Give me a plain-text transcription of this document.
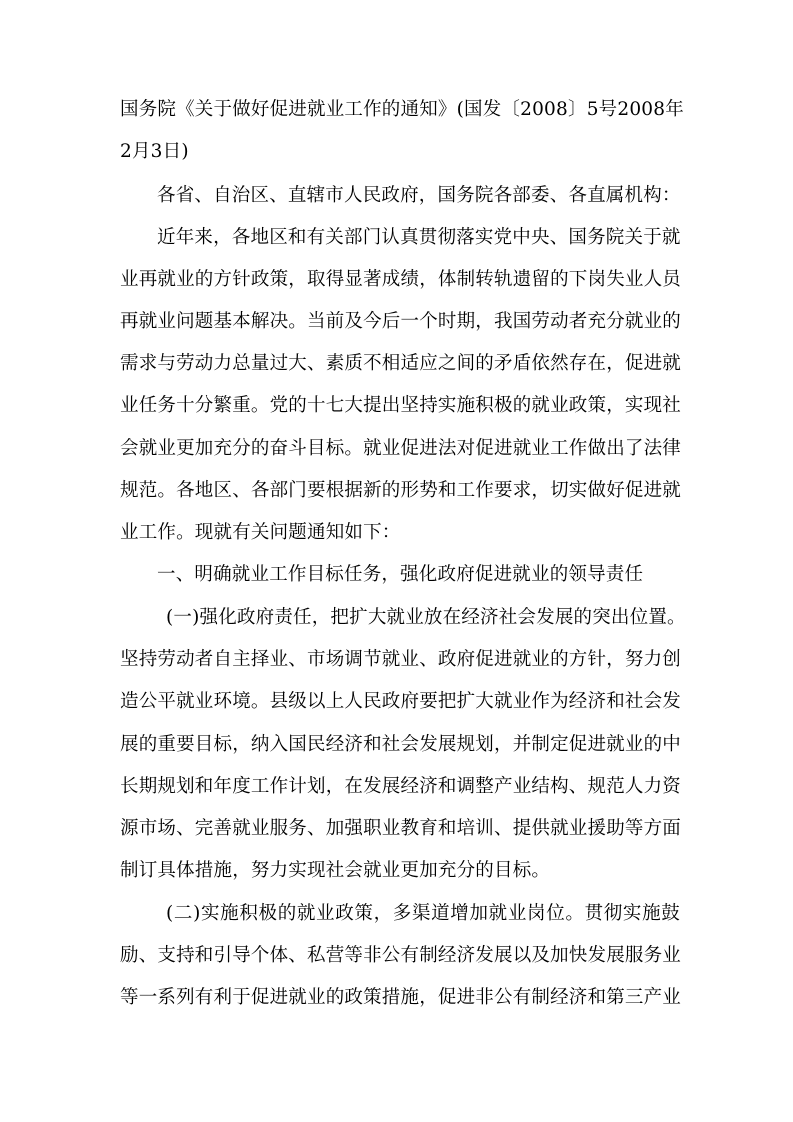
国务院《关于做好促进就业工作的通知》(国发〔2008〕5号2008年
2月3日)
各省、自治区、直辖市人民政府，国务院各部委、各直属机构：
近年来，各地区和有关部门认真贯彻落实党中央、国务院关于就
业再就业的方针政策，取得显著成绩，体制转轨遗留的下岗失业人员
再就业问题基本解决。当前及今后一个时期，我国劳动者充分就业的
需求与劳动力总量过大、素质不相适应之间的矛盾依然存在，促进就
业任务十分繁重。党的十七大提出坚持实施积极的就业政策，实现社
会就业更加充分的奋斗目标。就业促进法对促进就业工作做出了法律
规范。各地区、各部门要根据新的形势和工作要求，切实做好促进就
业工作。现就有关问题通知如下：
一、明确就业工作目标任务，强化政府促进就业的领导责任
(一)强化政府责任，把扩大就业放在经济社会发展的突出位置。
坚持劳动者自主择业、市场调节就业、政府促进就业的方针，努力创
造公平就业环境。县级以上人民政府要把扩大就业作为经济和社会发
展的重要目标，纳入国民经济和社会发展规划，并制定促进就业的中
长期规划和年度工作计划，在发展经济和调整产业结构、规范人力资
源市场、完善就业服务、加强职业教育和培训、提供就业援助等方面
制订具体措施，努力实现社会就业更加充分的目标。
(二)实施积极的就业政策，多渠道增加就业岗位。贯彻实施鼓
励、支持和引导个体、私营等非公有制经济发展以及加快发展服务业
等一系列有利于促进就业的政策措施，促进非公有制经济和第三产业
